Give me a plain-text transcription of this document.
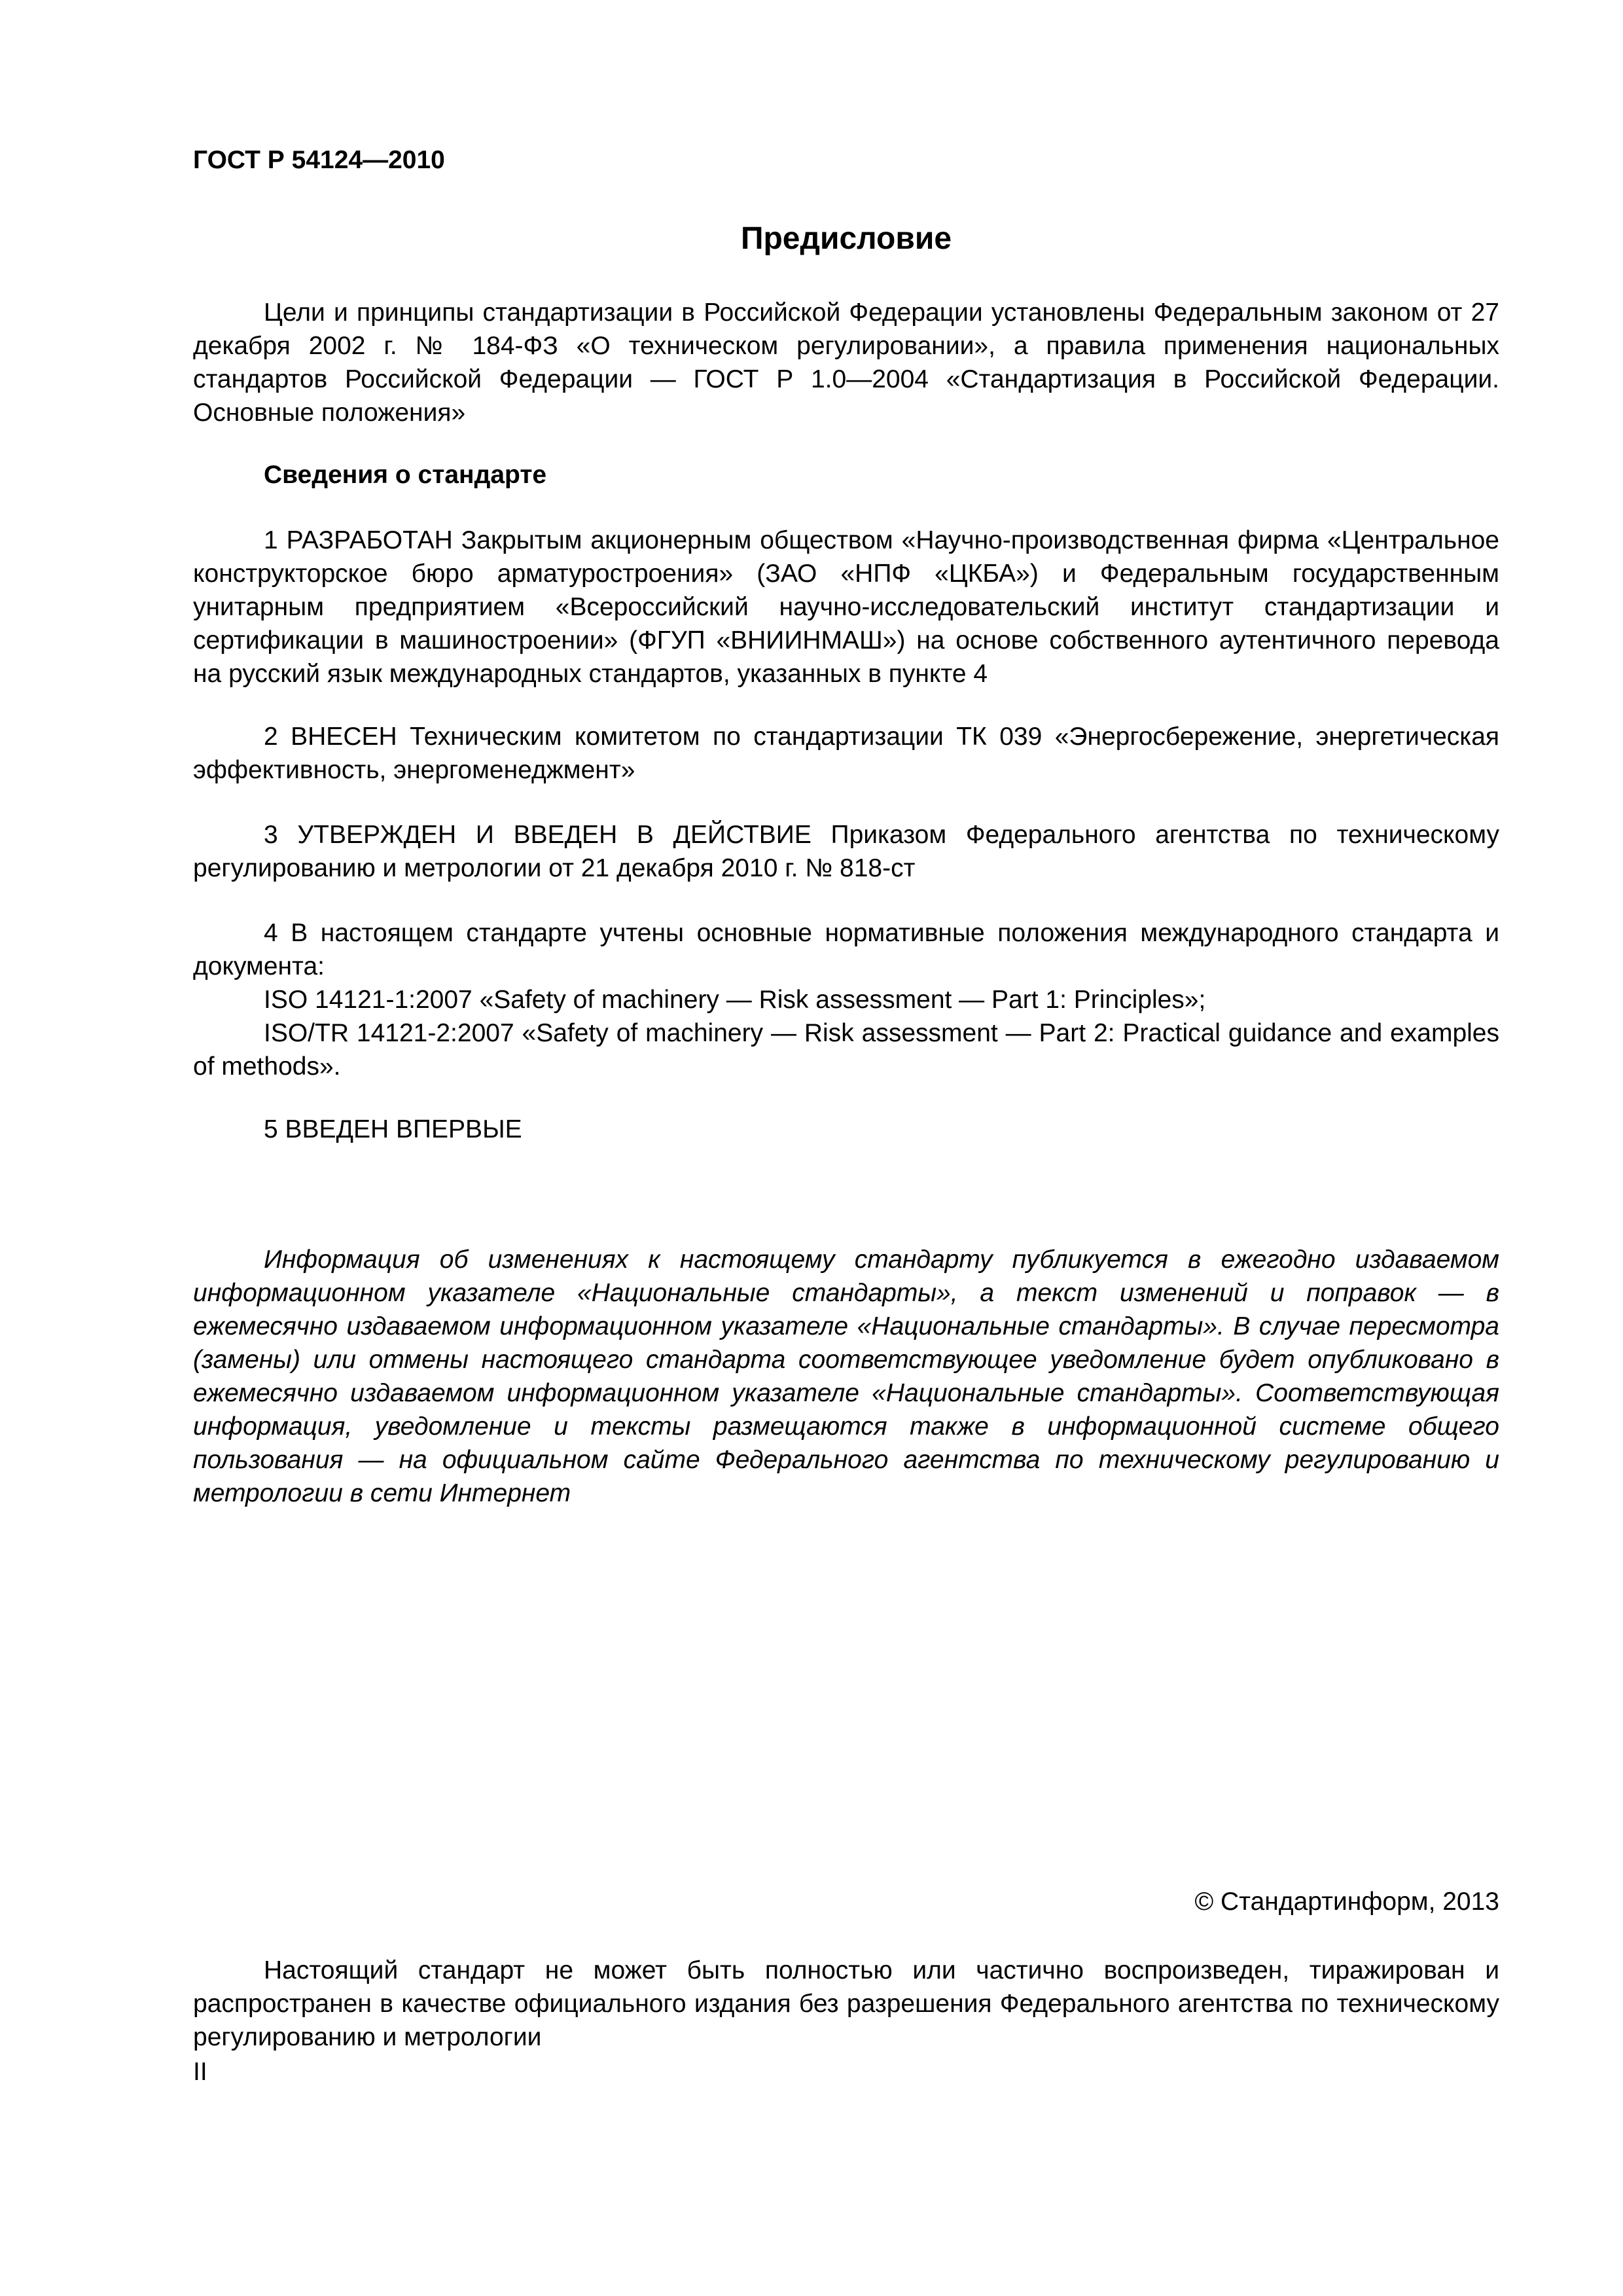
ГОСТ Р 54124—2010
Предисловие

Цели и принципы стандартизации в Российской Федерации установлены Федеральным законом от 27 декабря 2002 г. № 184-ФЗ «О техническом регулировании», а правила применения национальных стандартов Российской Федерации — ГОСТ Р 1.0—2004 «Стандартизация в Российской Федерации. Основные положения»

Сведения о стандарте

1 РАЗРАБОТАН Закрытым акционерным обществом «Научно-производственная фирма «Центральное конструкторское бюро арматуростроения» (ЗАО «НПФ «ЦКБА») и Федеральным государственным унитарным предприятием «Всероссийский научно-исследовательский институт стандартизации и сертификации в машиностроении» (ФГУП «ВНИИНМАШ») на основе собственного аутентичного перевода на русский язык международных стандартов, указанных в пункте 4

2 ВНЕСЕН Техническим комитетом по стандартизации ТК 039 «Энергосбережение, энергетическая эффективность, энергоменеджмент»

3 УТВЕРЖДЕН И ВВЕДЕН В ДЕЙСТВИЕ Приказом Федерального агентства по техническому регулированию и метрологии от 21 декабря 2010 г. № 818-ст

4 В настоящем стандарте учтены основные нормативные положения международного стандарта и документа:

ISO 14121-1:2007 «Safety of machinery — Risk assessment — Part 1: Principles»;

ISO/TR 14121-2:2007 «Safety of machinery — Risk assessment — Part 2: Practical guidance and examples of methods».

5 ВВЕДЕН ВПЕРВЫЕ

Информация об изменениях к настоящему стандарту публикуется в ежегодно издаваемом информационном указателе «Национальные стандарты», а текст изменений и поправок — в ежемесячно издаваемом информационном указателе «Национальные стандарты». В случае пересмотра (замены) или отмены настоящего стандарта соответствующее уведомление будет опубликовано в ежемесячно издаваемом информационном указателе «Национальные стандарты». Соответствующая информация, уведомление и тексты размещаются также в информационной системе общего пользования — на официальном сайте Федерального агентства по техническому регулированию и метрологии в сети Интернет

© Стандартинформ, 2013

Настоящий стандарт не может быть полностью или частично воспроизведен, тиражирован и распространен в качестве официального издания без разрешения Федерального агентства по техническому регулированию и метрологии

II
